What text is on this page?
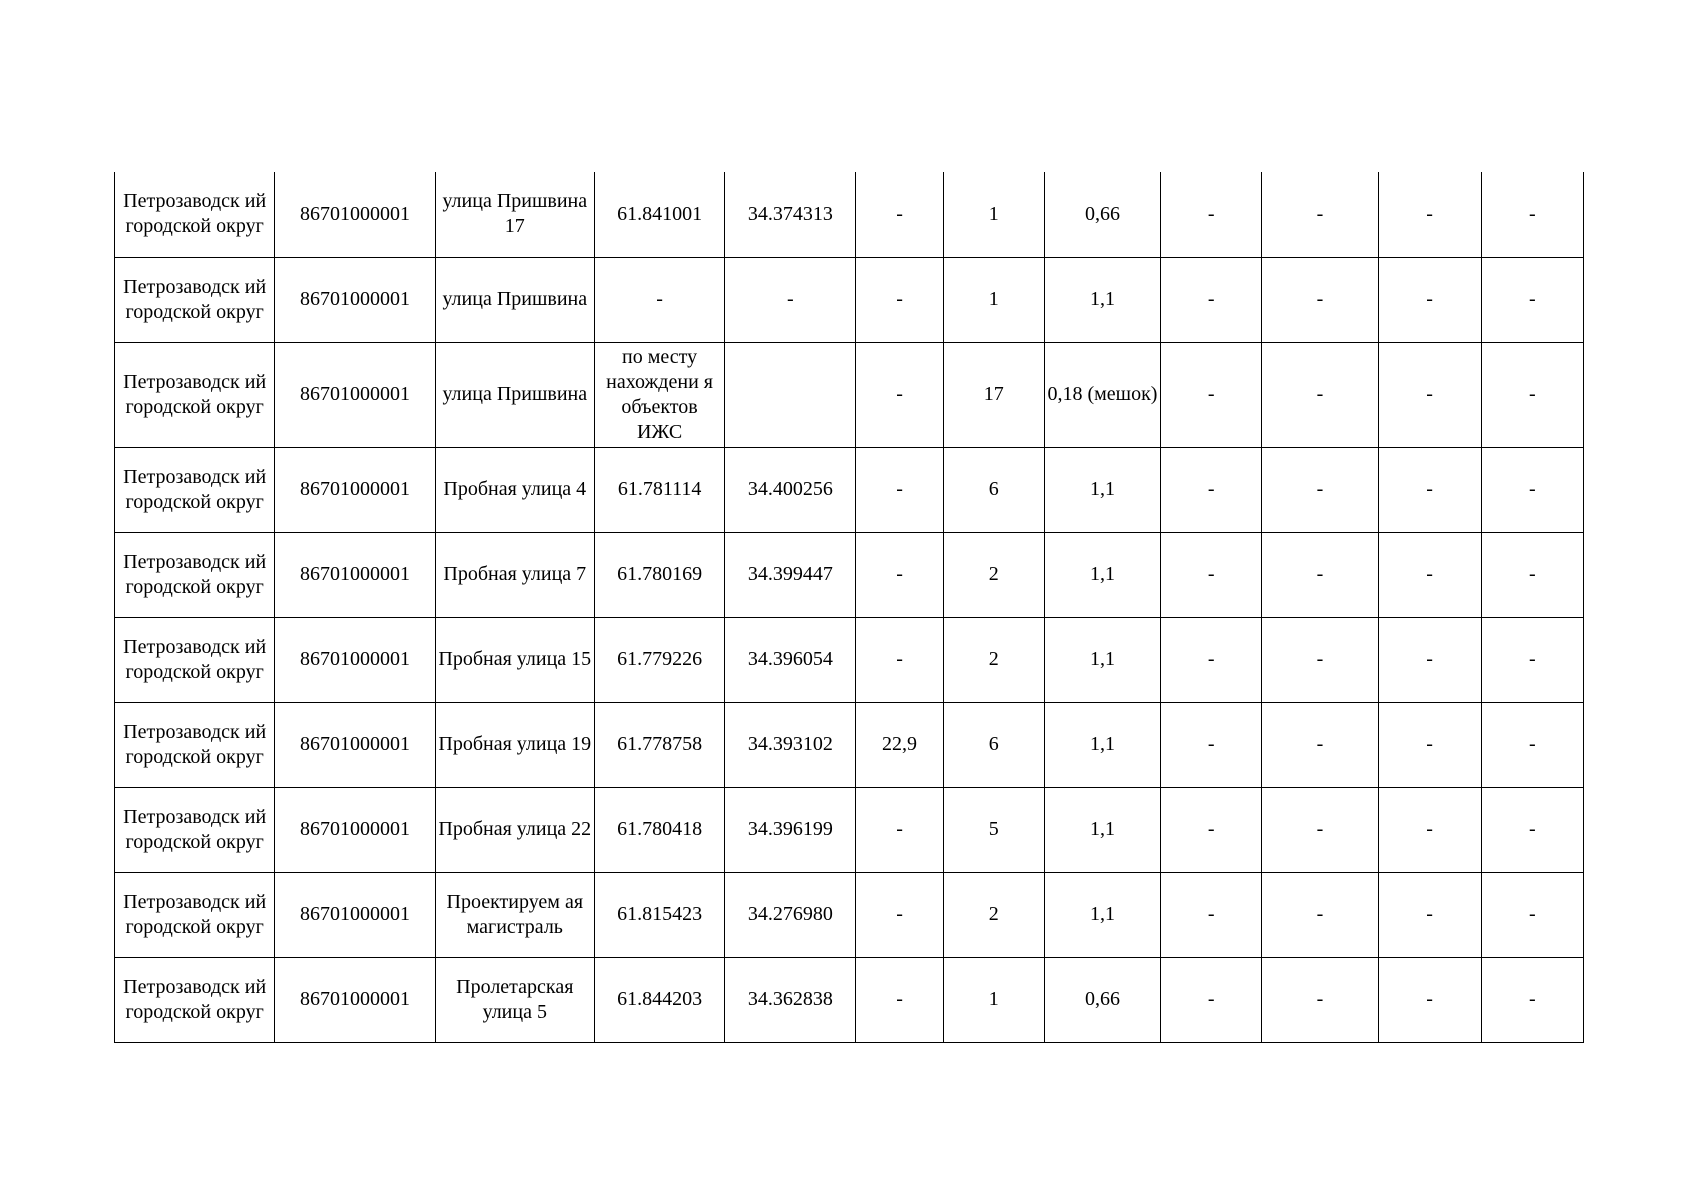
Петрозаводск ий городской округ	86701000001	улица Пришвина 17	61.841001	34.374313	-	1	0,66	-	-	-	-
Петрозаводск ий городской округ	86701000001	улица Пришвина	-	-	-	1	1,1	-	-	-	-
Петрозаводск ий городской округ	86701000001	улица Пришвина	по месту нахождени я объектов ИЖС		-	17	0,18 (мешок)	-	-	-	-
Петрозаводск ий городской округ	86701000001	Пробная улица 4	61.781114	34.400256	-	6	1,1	-	-	-	-
Петрозаводск ий городской округ	86701000001	Пробная улица 7	61.780169	34.399447	-	2	1,1	-	-	-	-
Петрозаводск ий городской округ	86701000001	Пробная улица 15	61.779226	34.396054	-	2	1,1	-	-	-	-
Петрозаводск ий городской округ	86701000001	Пробная улица 19	61.778758	34.393102	22,9	6	1,1	-	-	-	-
Петрозаводск ий городской округ	86701000001	Пробная улица 22	61.780418	34.396199	-	5	1,1	-	-	-	-
Петрозаводск ий городской округ	86701000001	Проектируем ая магистраль	61.815423	34.276980	-	2	1,1	-	-	-	-
Петрозаводск ий городской округ	86701000001	Пролетарская улица 5	61.844203	34.362838	-	1	0,66	-	-	-	-
